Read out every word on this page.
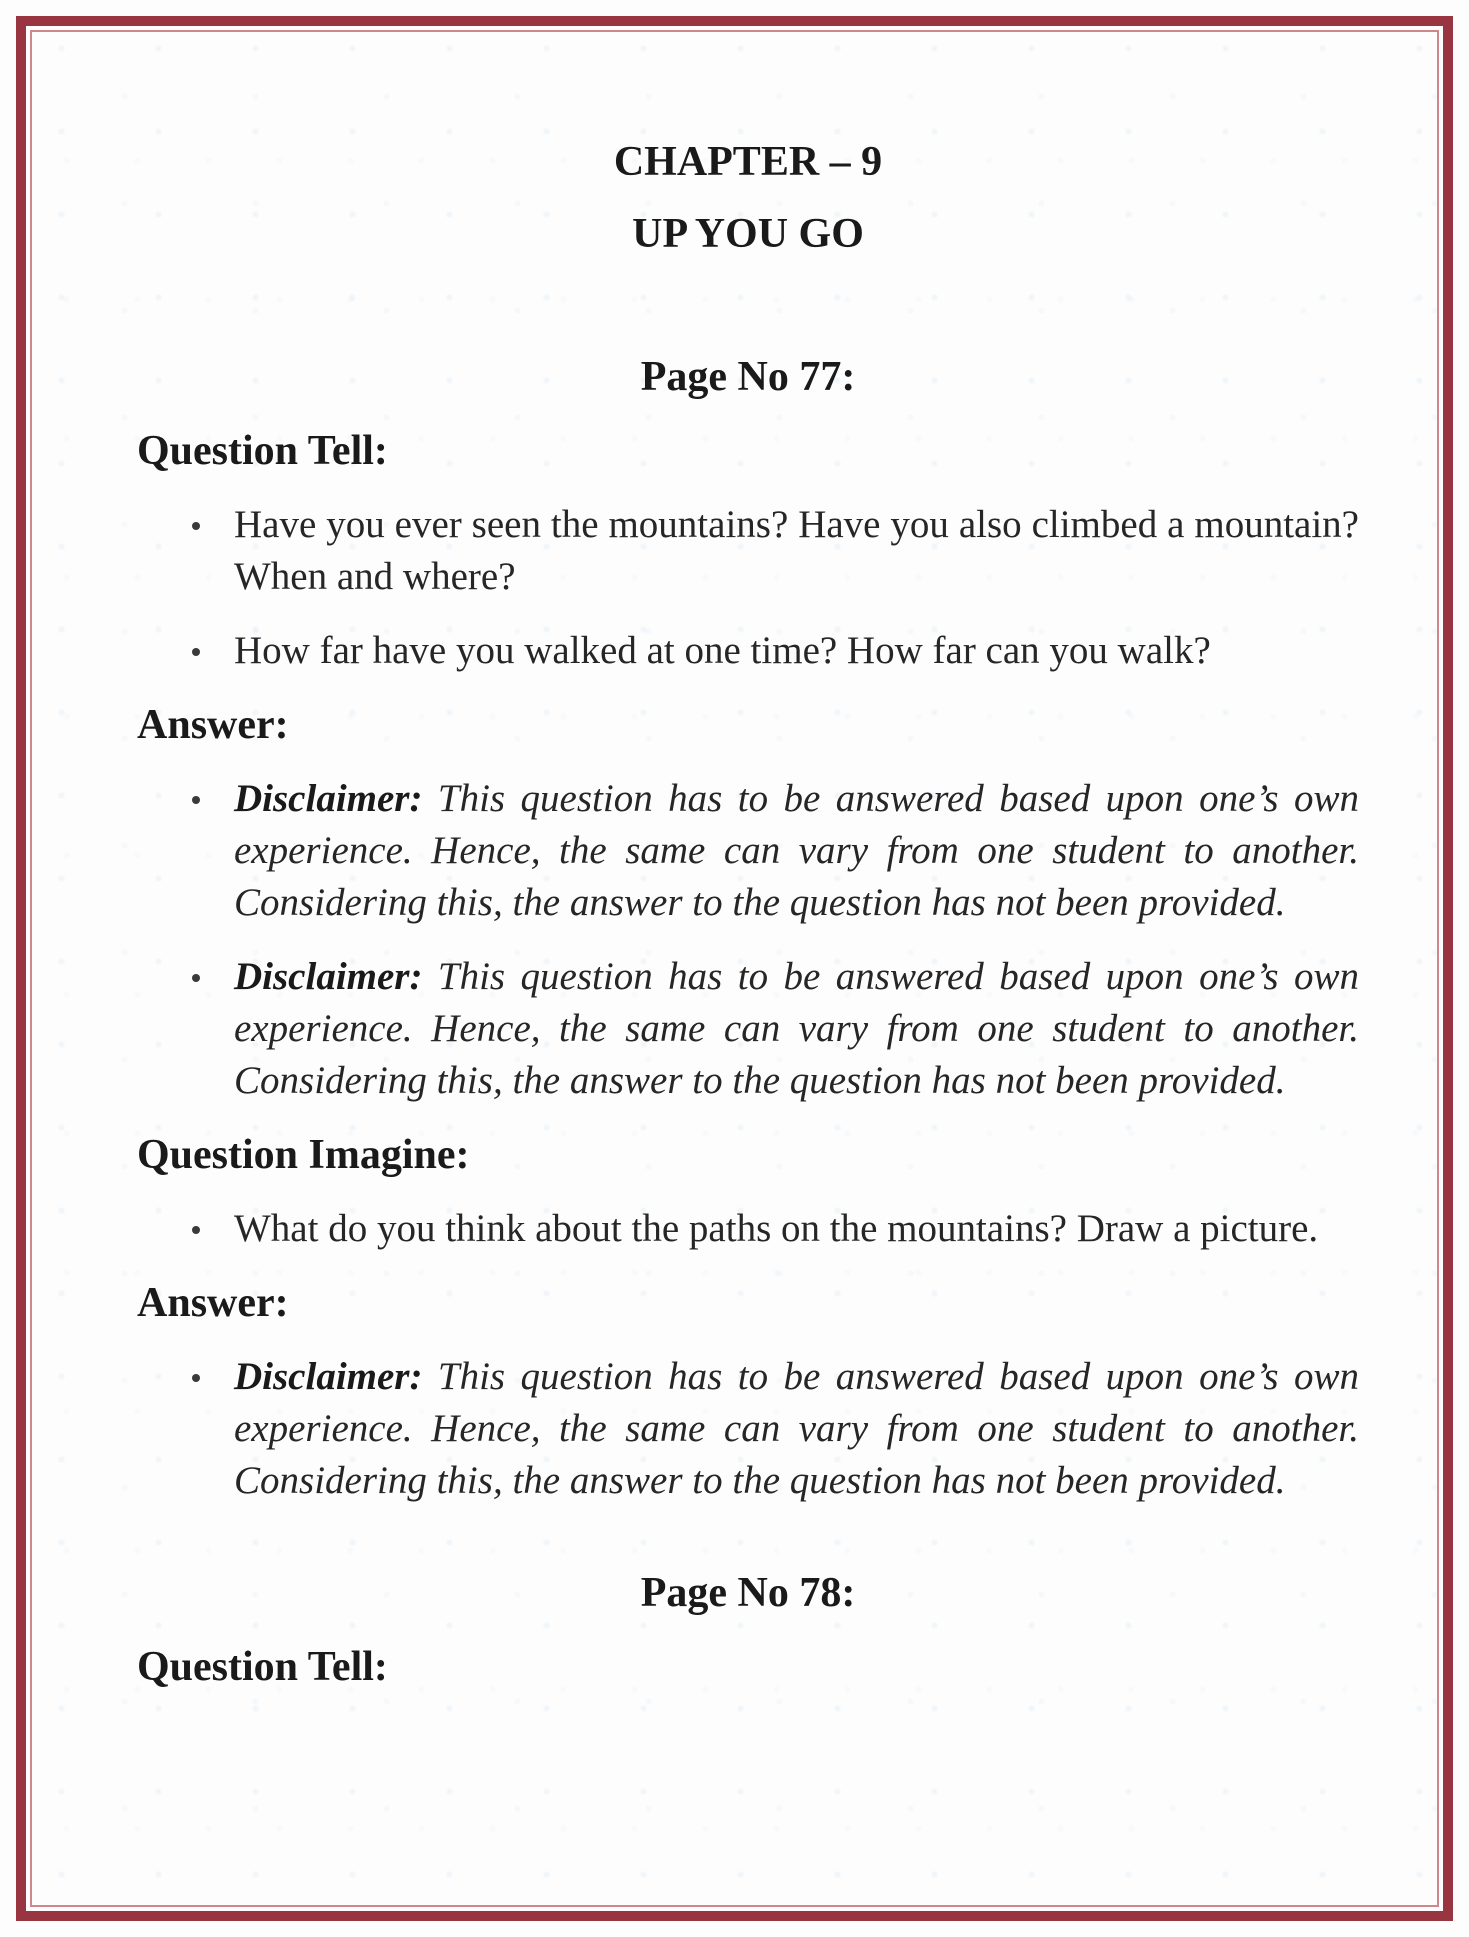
CHAPTER – 9
UP YOU GO
Page No 77:
Question Tell:
Have you ever seen the mountains? Have you also climbed a mountain? When and where?
How far have you walked at one time? How far can you walk?
Answer:
Disclaimer: This question has to be answered based upon one’s own experience. Hence, the same can vary from one student to another. Considering this, the answer to the question has not been provided.
Disclaimer: This question has to be answered based upon one’s own experience. Hence, the same can vary from one student to another. Considering this, the answer to the question has not been provided.
Question Imagine:
What do you think about the paths on the mountains? Draw a picture.
Answer:
Disclaimer: This question has to be answered based upon one’s own experience. Hence, the same can vary from one student to another. Considering this, the answer to the question has not been provided.
Page No 78:
Question Tell:
